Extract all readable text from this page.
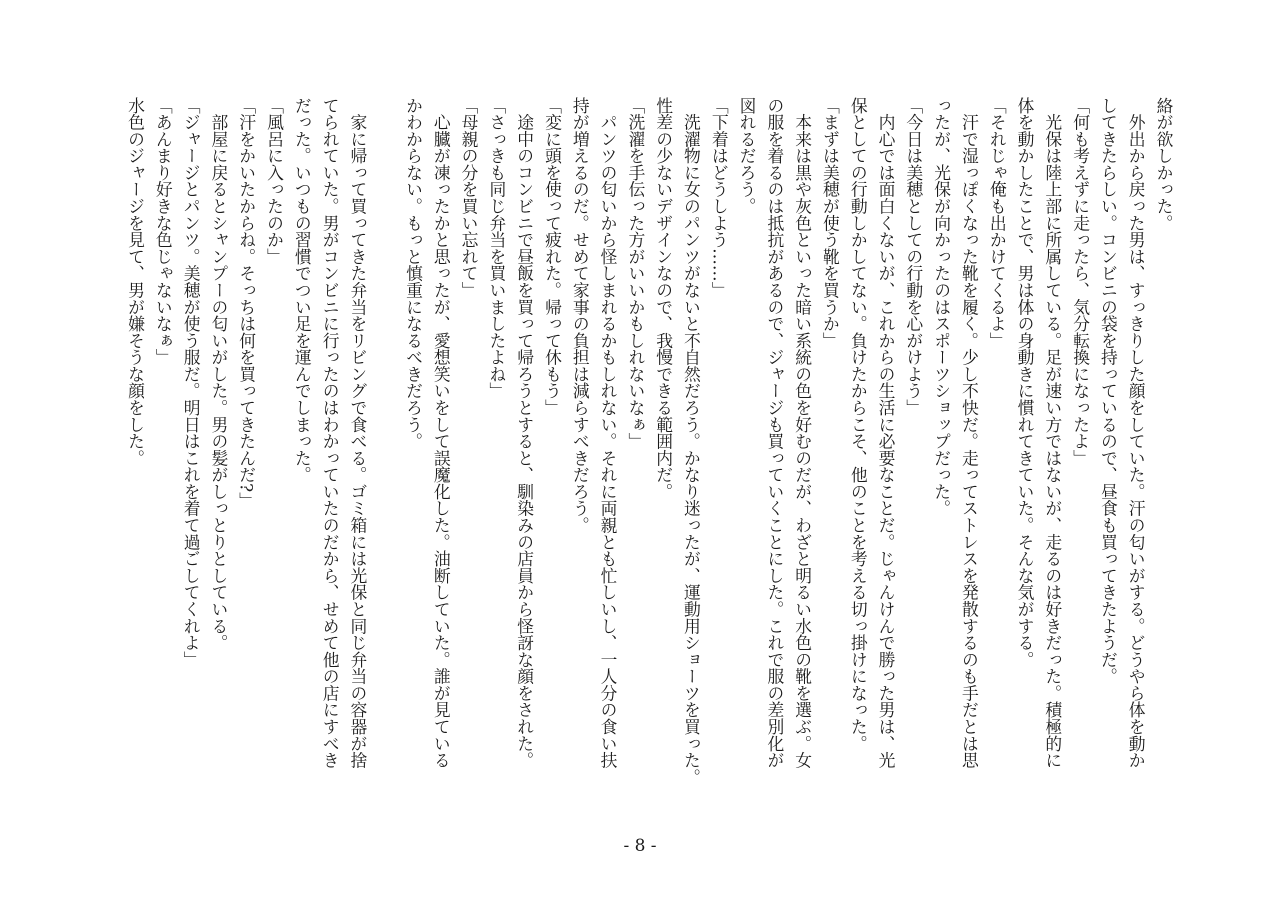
絡が欲しかった。
　外出から戻った男は、すっきりした顔をしていた。汗の匂いがする。どうやら体を動か
してきたらしい。コンビニの袋を持っているので、昼食も買ってきたようだ。
「何も考えずに走ったら、気分転換になったよ」
　光保は陸上部に所属している。足が速い方ではないが、走るのは好きだった。積極的に
体を動かしたことで、男は体の身動きに慣れてきていた。そんな気がする。
「それじゃ俺も出かけてくるよ」
　汗で湿っぽくなった靴を履く。少し不快だ。走ってストレスを発散するのも手だとは思
ったが、光保が向かったのはスポーツショップだった。
「今日は美穂としての行動を心がけよう」
　内心では面白くないが、これからの生活に必要なことだ。じゃんけんで勝った男は、光
保としての行動しかしてない。負けたからこそ、他のことを考える切っ掛けになった。
「まずは美穂が使う靴を買うか」
　本来は黒や灰色といった暗い系統の色を好むのだが、わざと明るい水色の靴を選ぶ。女
の服を着るのは抵抗があるので、ジャージも買っていくことにした。これで服の差別化が
図れるだろう。
「下着はどうしよう……」
　洗濯物に女のパンツがないと不自然だろう。かなり迷ったが、運動用ショーツを買った。
性差の少ないデザインなので、我慢できる範囲内だ。
「洗濯を手伝った方がいいかもしれないなぁ」
　パンツの匂いから怪しまれるかもしれない。それに両親とも忙しいし、一人分の食い扶
持が増えるのだ。せめて家事の負担は減らすべきだろう。
「変に頭を使って疲れた。帰って休もう」
　途中のコンビニで昼飯を買って帰ろうとすると、馴染みの店員から怪訝な顔をされた。
「さっきも同じ弁当を買いましたよね」
「母親の分を買い忘れて」
　心臓が凍ったかと思ったが、愛想笑いをして誤魔化した。油断していた。誰が見ている
かわからない。もっと慎重になるべきだろう。

　家に帰って買ってきた弁当をリビングで食べる。ゴミ箱には光保と同じ弁当の容器が捨
てられていた。男がコンビニに行ったのはわかっていたのだから、せめて他の店にすべき
だった。いつもの習慣でつい足を運んでしまった。
「風呂に入ったのか」
「汗をかいたからね。そっちは何を買ってきたんだ?」
　部屋に戻るとシャンプーの匂いがした。男の髪がしっとりとしている。
「ジャージとパンツ。美穂が使う服だ。明日はこれを着て過ごしてくれよ」
「あんまり好きな色じゃないなぁ」
水色のジャージを見て、男が嫌そうな顔をした。
- 8 -
